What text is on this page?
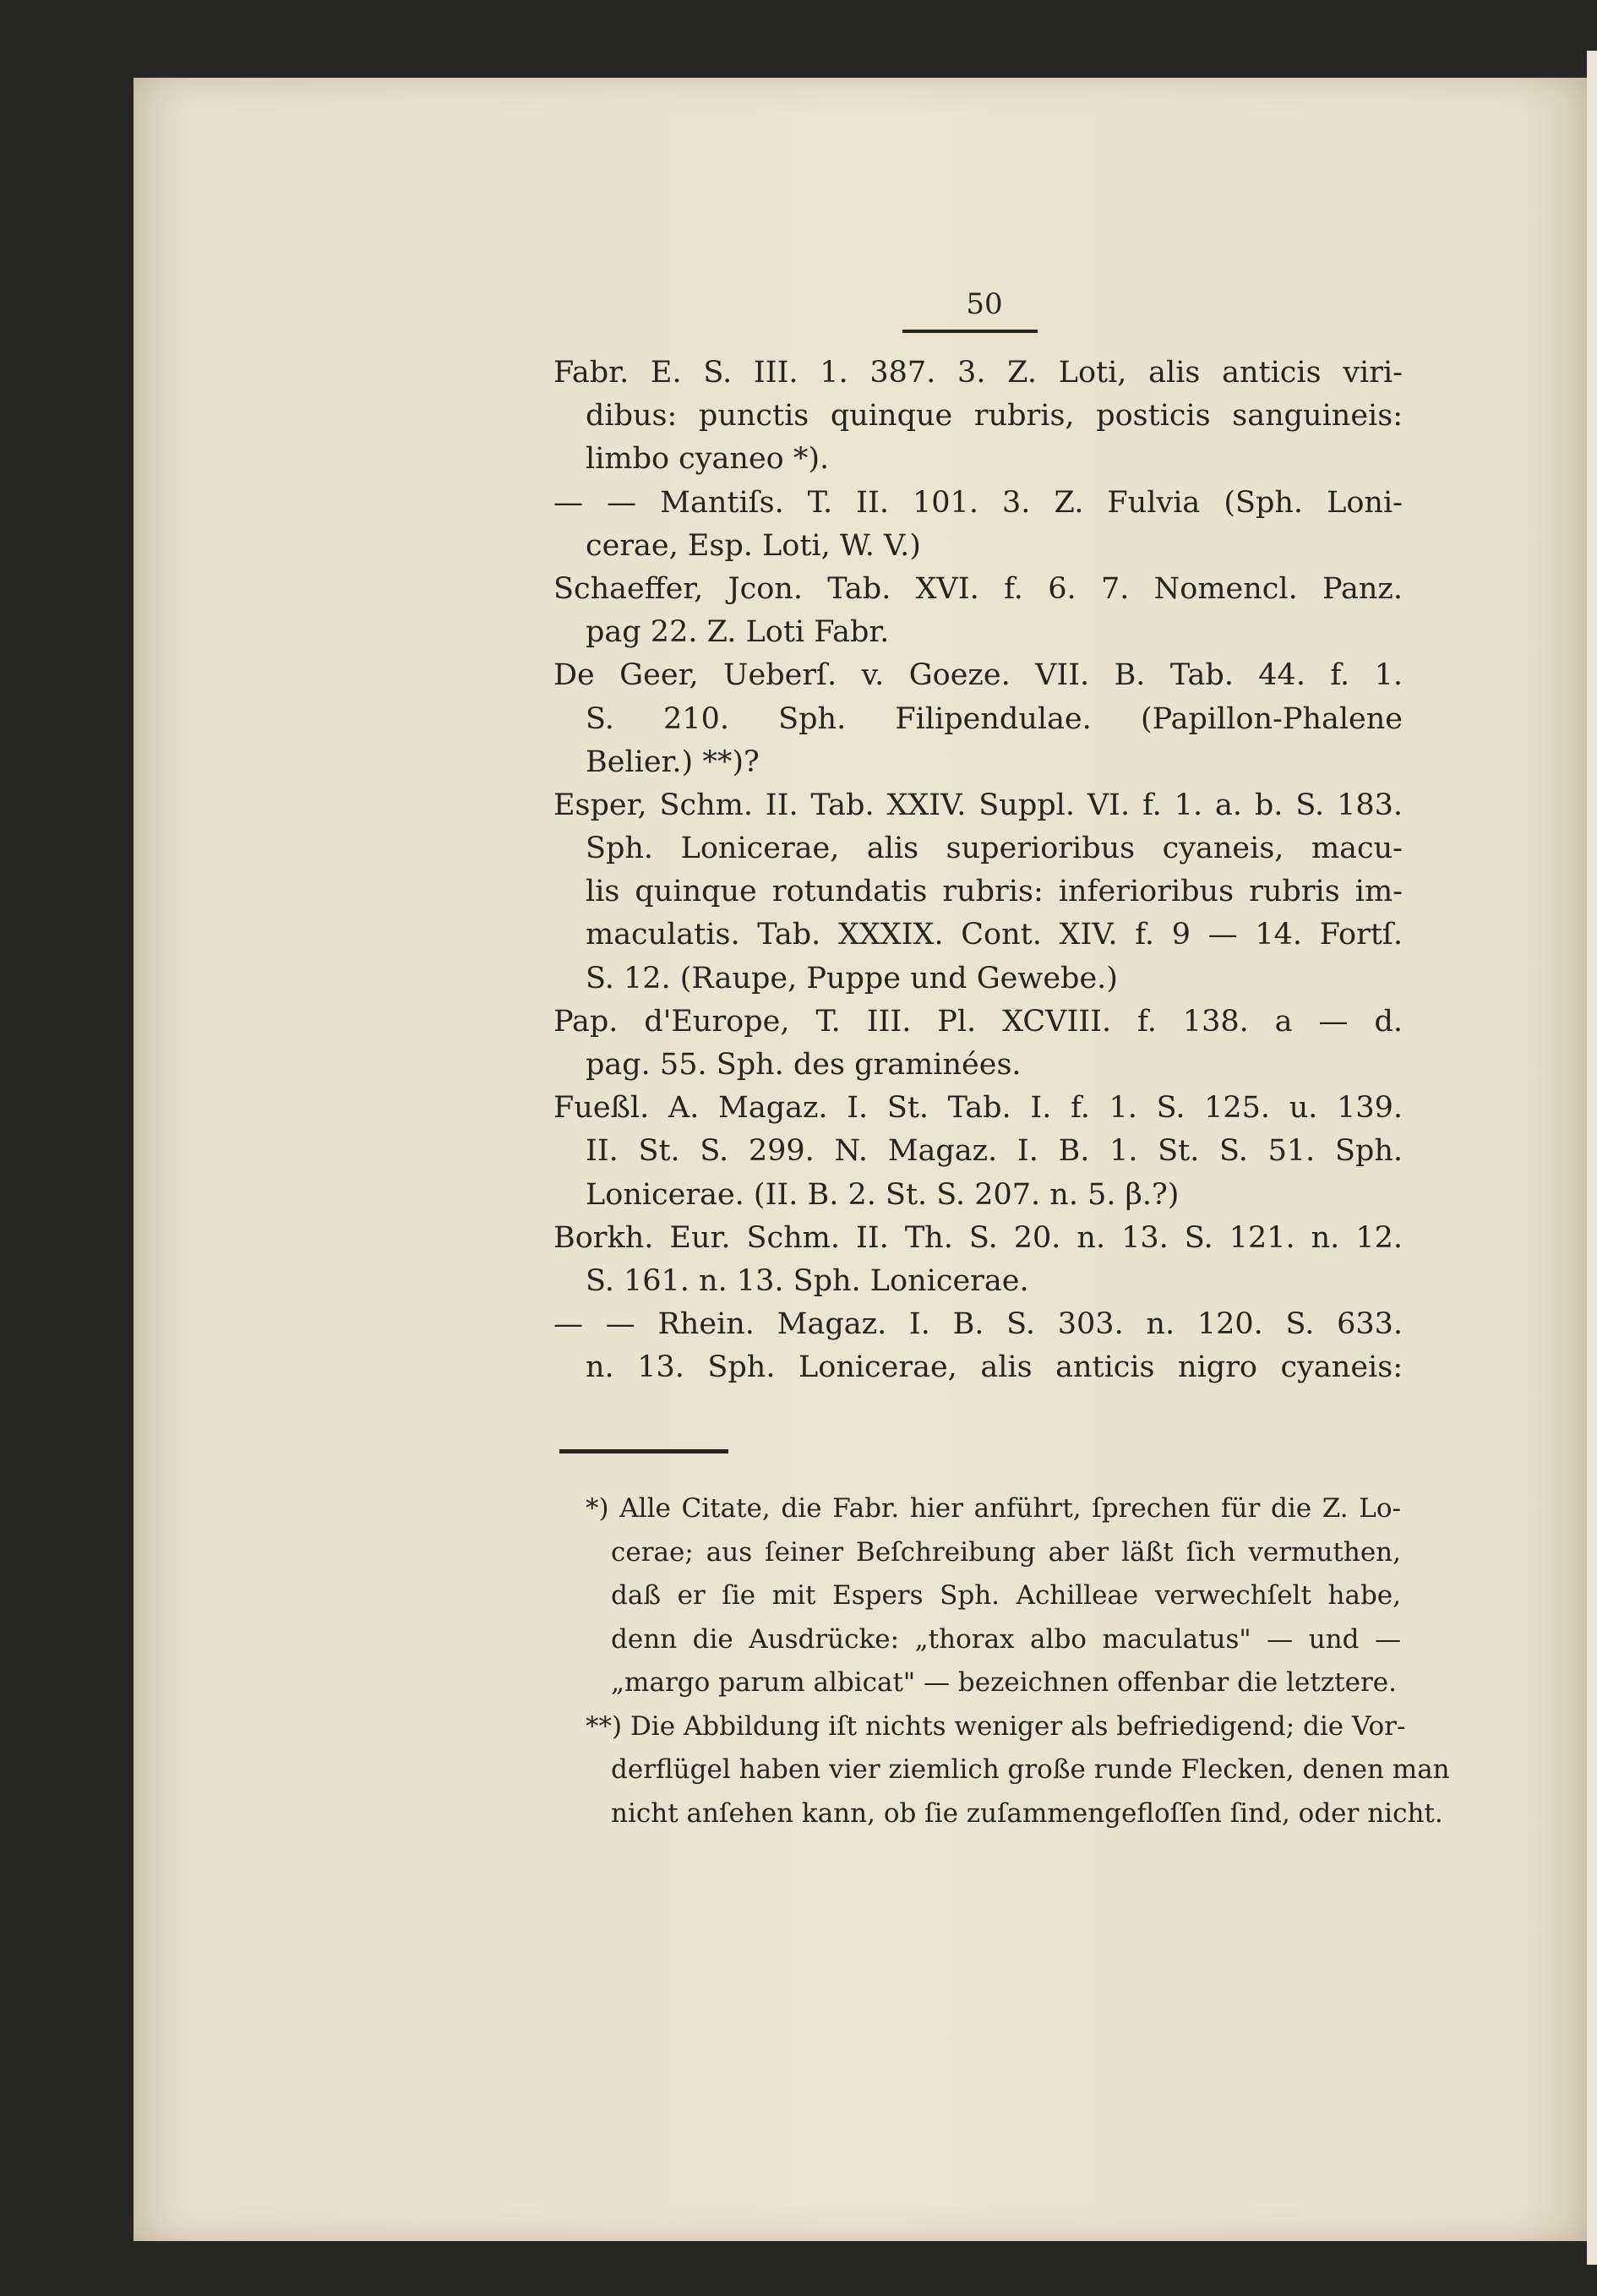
50
Fabr. E. S. III. 1. 387. 3. Z. Loti, alis anticis viri-
dibus: punctis quinque rubris, posticis sanguineis:
limbo cyaneo *).
— — Mantiſs. T. II. 101. 3. Z. Fulvia (Sph. Loni-
cerae, Esp. Loti, W. V.)
Schaeffer, Jcon. Tab. XVI. f. 6. 7. Nomencl. Panz.
pag 22. Z. Loti Fabr.
De Geer, Ueberſ. v. Goeze. VII. B. Tab. 44. f. 1.
S. 210. Sph. Filipendulae. (Papillon-Phalene
Belier.) **)?
Esper, Schm. II. Tab. XXIV. Suppl. VI. f. 1. a. b. S. 183.
Sph. Lonicerae, alis superioribus cyaneis, macu-
lis quinque rotundatis rubris: inferioribus rubris im-
maculatis. Tab. XXXIX. Cont. XIV. f. 9 — 14. Fortſ.
S. 12. (Raupe, Puppe und Gewebe.)
Pap. d'Europe, T. III. Pl. XCVIII. f. 138. a — d.
pag. 55. Sph. des graminées.
Fueßl. A. Magaz. I. St. Tab. I. f. 1. S. 125. u. 139.
II. St. S. 299. N. Magaz. I. B. 1. St. S. 51. Sph.
Lonicerae. (II. B. 2. St. S. 207. n. 5. β.?)
Borkh. Eur. Schm. II. Th. S. 20. n. 13. S. 121. n. 12.
S. 161. n. 13. Sph. Lonicerae.
— — Rhein. Magaz. I. B. S. 303. n. 120. S. 633.
n. 13. Sph. Lonicerae, alis anticis nigro cyaneis:
*) Alle Citate, die Fabr. hier anführt, ſprechen für die Z. Lo-
cerae; aus ſeiner Beſchreibung aber läßt ſich vermuthen,
daß er ſie mit Espers Sph. Achilleae verwechſelt habe,
denn die Ausdrücke: „thorax albo maculatus" — und —
„margo parum albicat" — bezeichnen offenbar die letztere.
**) Die Abbildung iſt nichts weniger als befriedigend; die Vor-
derflügel haben vier ziemlich große runde Flecken, denen man
nicht anſehen kann, ob ſie zuſammengefloſſen ſind, oder nicht.
